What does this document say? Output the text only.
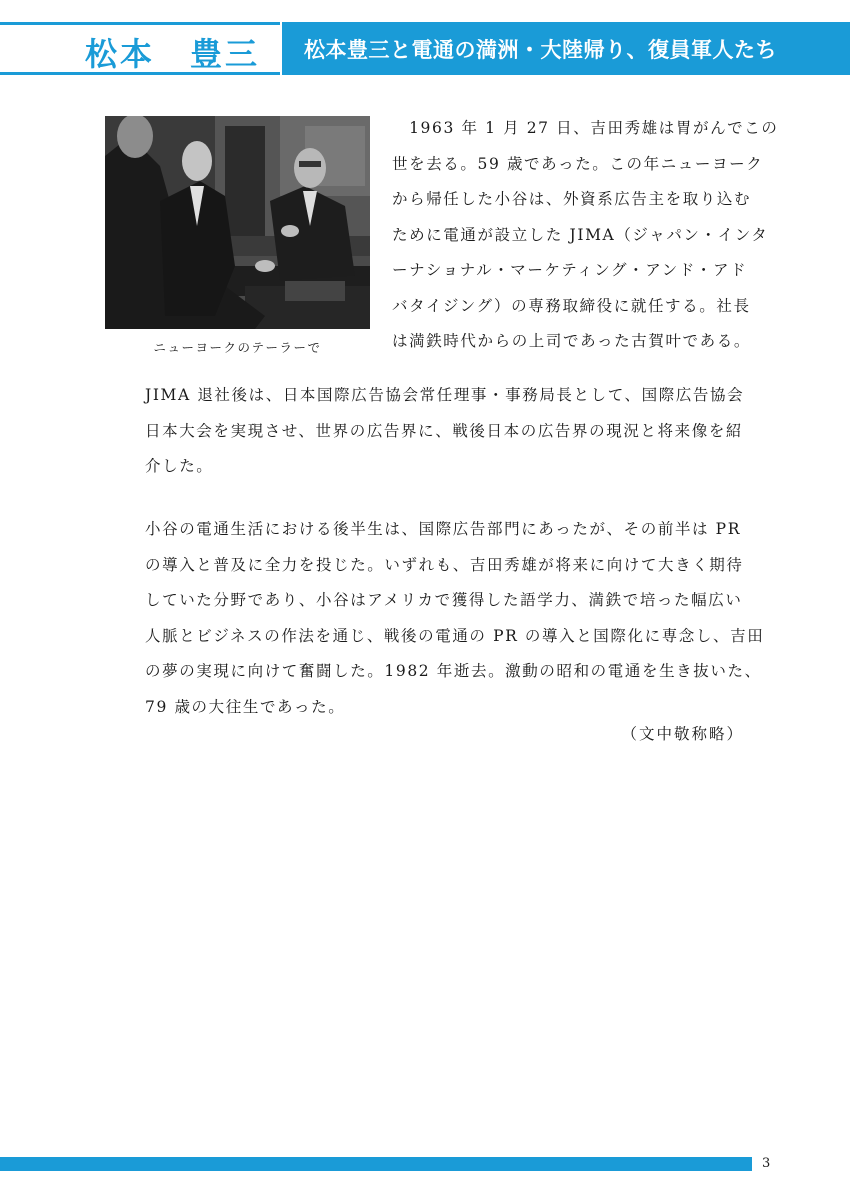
松本　豊三 松本豊三と電通の満洲・大陸帰り、復員軍人たち
ニューヨークのテーラーで
　1963 年 1 月 27 日、吉田秀雄は胃がんでこの
世を去る。59 歳であった。この年ニューヨーク
から帰任した小谷は、外資系広告主を取り込む
ために電通が設立した JIMA（ジャパン・インタ
ーナショナル・マーケティング・アンド・アド
バタイジング）の専務取締役に就任する。社長
は満鉄時代からの上司であった古賀叶である。
JIMA 退社後は、日本国際広告協会常任理事・事務局長として、国際広告協会
日本大会を実現させ、世界の広告界に、戦後日本の広告界の現況と将来像を紹
介した。
小谷の電通生活における後半生は、国際広告部門にあったが、その前半は PR
の導入と普及に全力を投じた。いずれも、吉田秀雄が将来に向けて大きく期待
していた分野であり、小谷はアメリカで獲得した語学力、満鉄で培った幅広い
人脈とビジネスの作法を通じ、戦後の電通の PR の導入と国際化に専念し、吉田
の夢の実現に向けて奮闘した。1982 年逝去。激動の昭和の電通を生き抜いた、
79 歳の大往生であった。
（文中敬称略）
3
